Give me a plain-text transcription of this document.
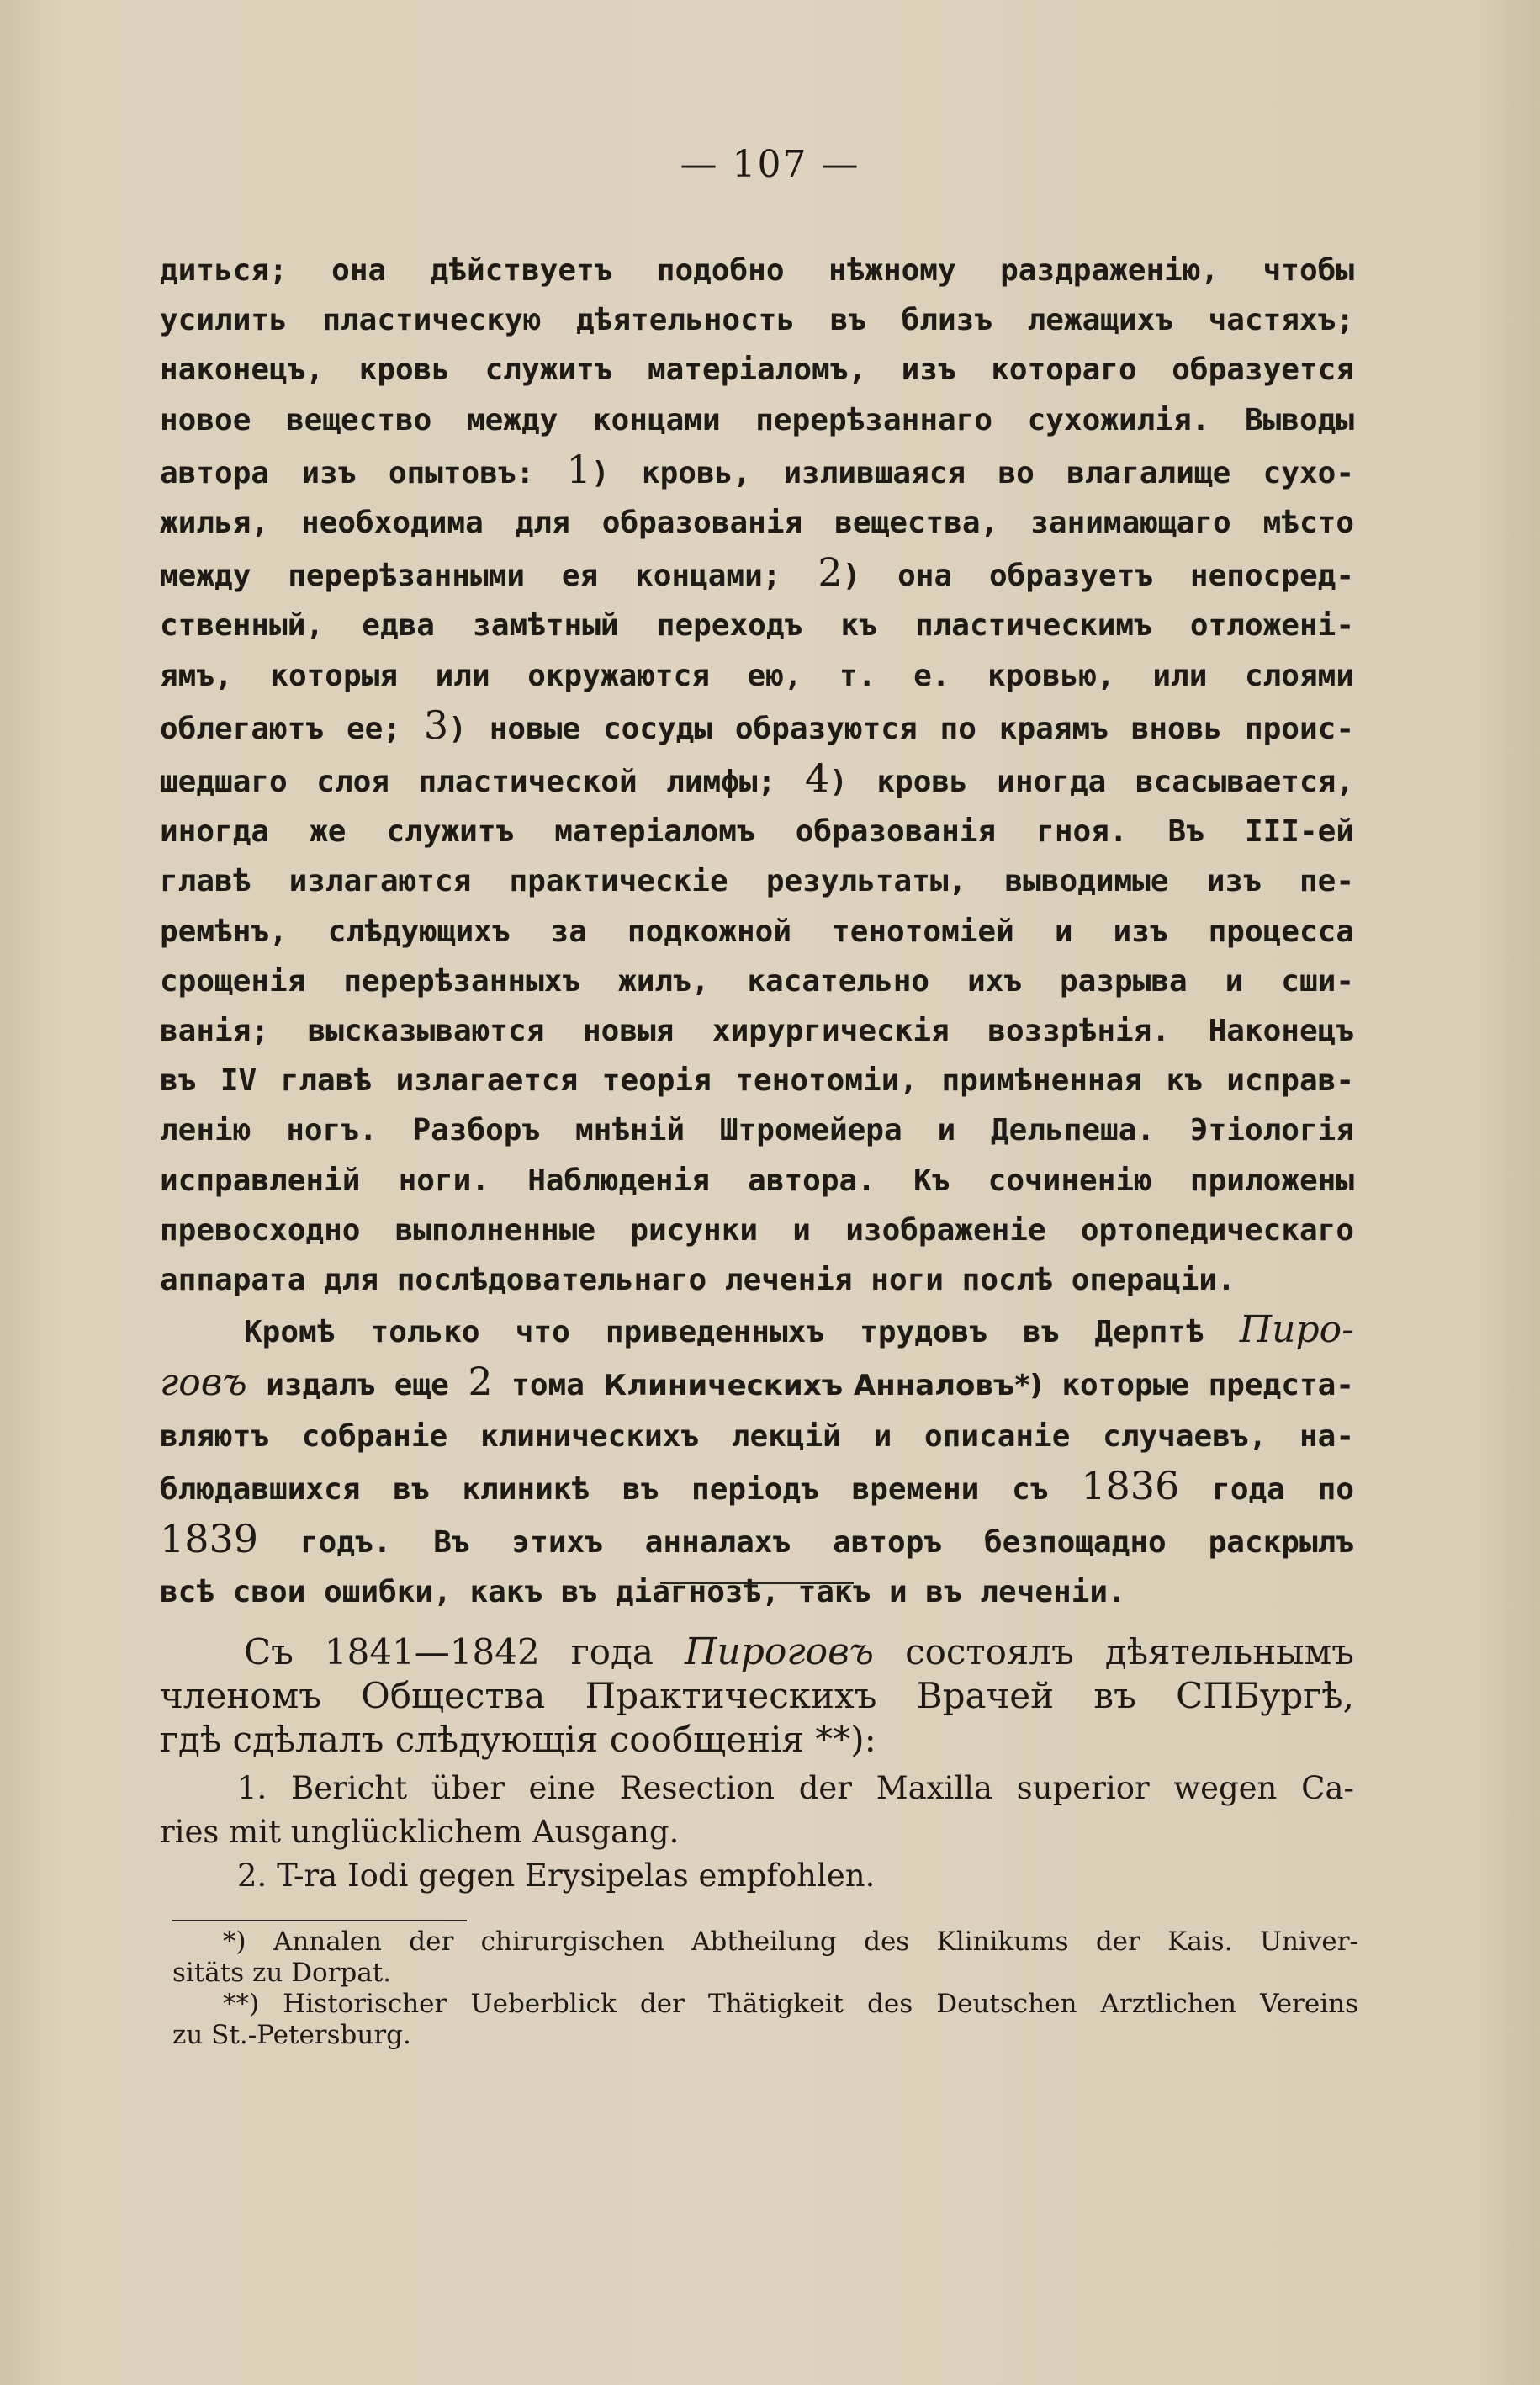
— 107 —
диться; она дѣйствуетъ подобно нѣжному раздраженію, чтобы
усилить пластическую дѣятельность въ близъ лежащихъ частяхъ;
наконецъ, кровь служитъ матеріаломъ, изъ котораго образуется
новое вещество между концами перерѣзаннаго сухожилія. Выводы
автора изъ опытовъ: 1) кровь, излившаяся во влагалище сухо-
жилья, необходима для образованія вещества, занимающаго мѣсто
между перерѣзанными ея концами; 2) она образуетъ непосред-
ственный, едва замѣтный переходъ къ пластическимъ отложені-
ямъ, которыя или окружаются ею, т. е. кровью, или слоями
облегаютъ ее; 3) новые сосуды образуются по краямъ вновь проис-
шедшаго слоя пластической лимфы; 4) кровь иногда всасывается,
иногда же служитъ матеріаломъ образованія гноя. Въ III-ей
главѣ излагаются практическіе результаты, выводимые изъ пе-
ремѣнъ, слѣдующихъ за подкожной тенотоміей и изъ процесса
срощенія перерѣзанныхъ жилъ, касательно ихъ разрыва и сши-
ванія; высказываются новыя хирургическія воззрѣнія. Наконецъ
въ IV главѣ излагается теорія тенотоміи, примѣненная къ исправ-
ленію ногъ. Разборъ мнѣній Штромейера и Дельпеша. Этіологія
исправленій ноги. Наблюденія автора. Къ сочиненію приложены
превосходно выполненные рисунки и изображеніе ортопедическаго
аппарата для послѣдовательнаго леченія ноги послѣ операціи.
Кромѣ только что приведенныхъ трудовъ въ Дерптѣ Пиро-
говъ издалъ еще 2 тома Клиническихъ Анналовъ*) которые предста-
вляютъ собраніе клиническихъ лекцій и описаніе случаевъ, на-
блюдавшихся въ клиникѣ въ періодъ времени съ 1836 года по
1839 годъ. Въ этихъ анналахъ авторъ безпощадно раскрылъ
всѣ свои ошибки, какъ въ діагнозѣ, такъ и въ леченіи.
Съ 1841—1842 года Пироговъ состоялъ дѣятельнымъ
членомъ Общества Практическихъ Врачей въ СПБургѣ,
гдѣ сдѣлалъ слѣдующія сообщенія **):
1. Bericht über eine Resection der Maxilla superior wegen Ca-
ries mit unglücklichem Ausgang.
2. T-ra Iodi gegen Erysipelas empfohlen.
*) Annalen der chirurgischen Abtheilung des Klinikums der Kais. Univer-
sitäts zu Dorpat.
**) Historischer Ueberblick der Thätigkeit des Deutschen Arztlichen Vereins
zu St.-Petersburg.
